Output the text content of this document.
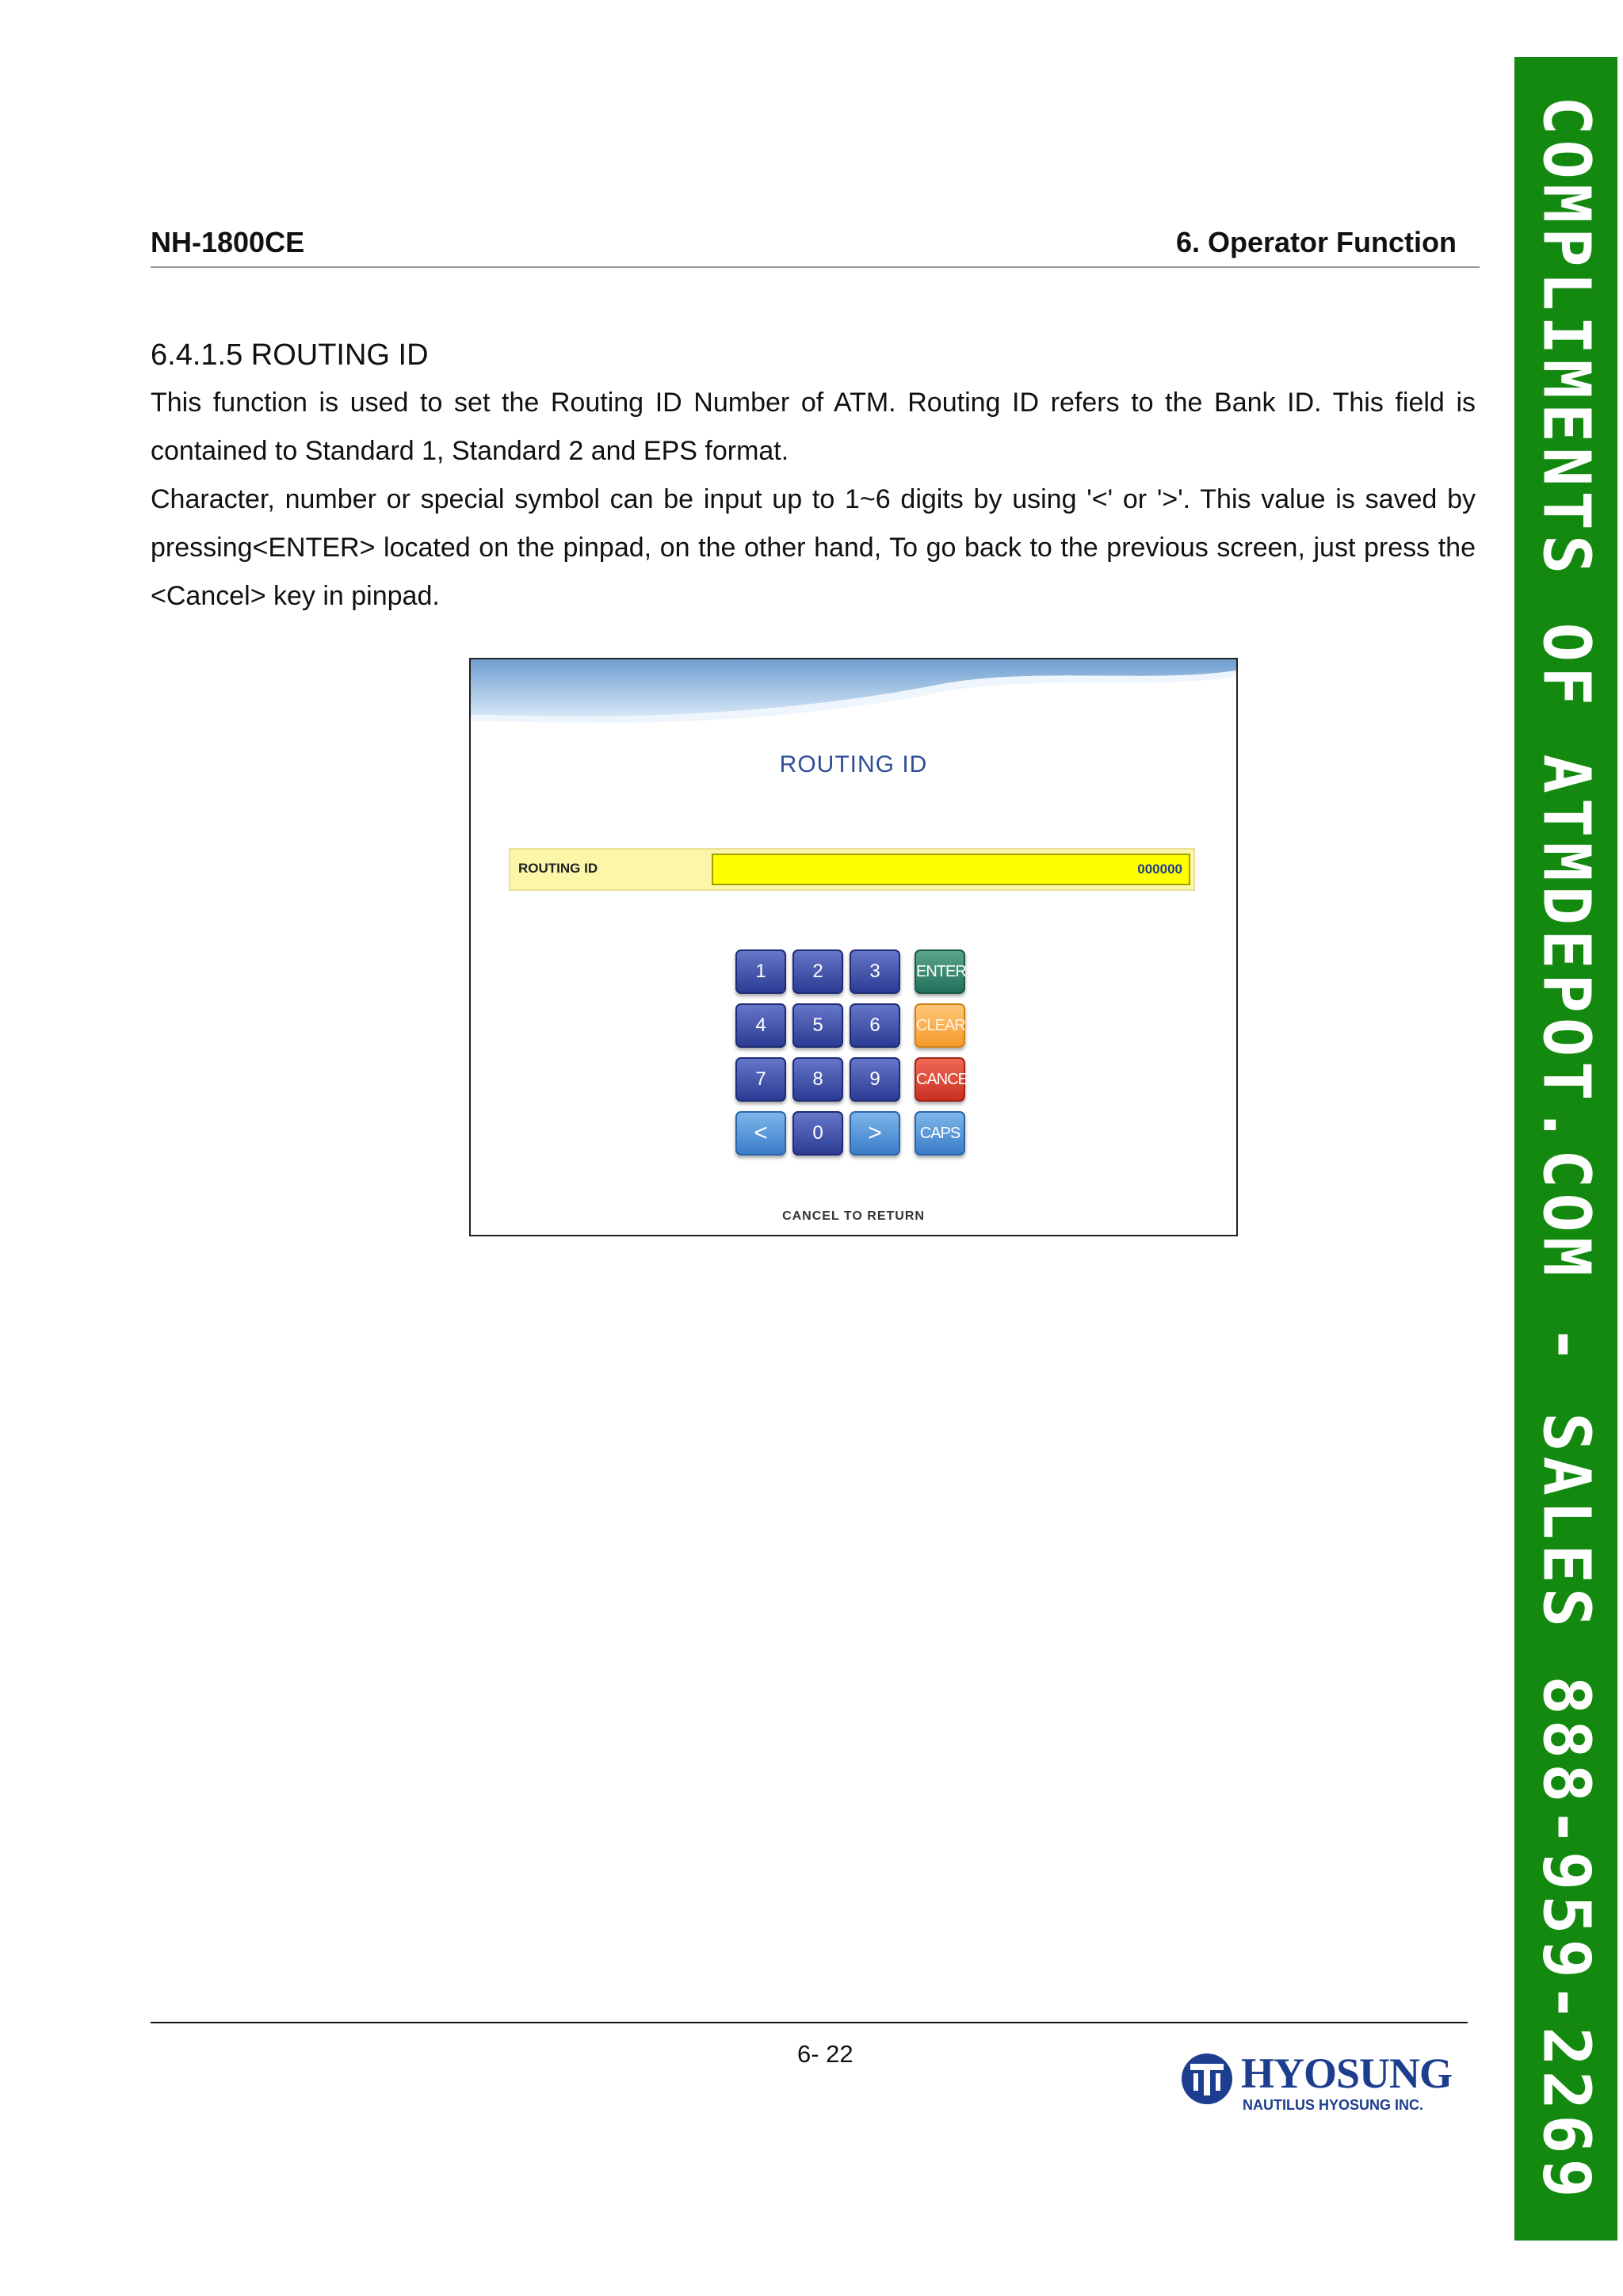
NH-1800CE	6. Operator Function
6.4.1.5 ROUTING ID
This function is used to set the Routing ID Number of ATM. Routing ID refers to the Bank ID. This field is contained to Standard 1, Standard 2 and EPS format.
Character, number or special symbol can be input up to 1~6 digits by using '<' or '>'. This value is saved by pressing<ENTER> located on the pinpad, on the other hand, To go back to the previous screen, just press the <Cancel> key in pinpad.
ROUTING ID
ROUTING ID	000000
1	2	3	ENTER
4	5	6	CLEAR
7	8	9	CANCEL
<	0	>	CAPS
CANCEL TO RETURN
6- 22	HYOSUNG
NAUTILUS HYOSUNG INC. COMPLIMENTS OF ATMDEPOT.COM - SALES 888-959-2269
